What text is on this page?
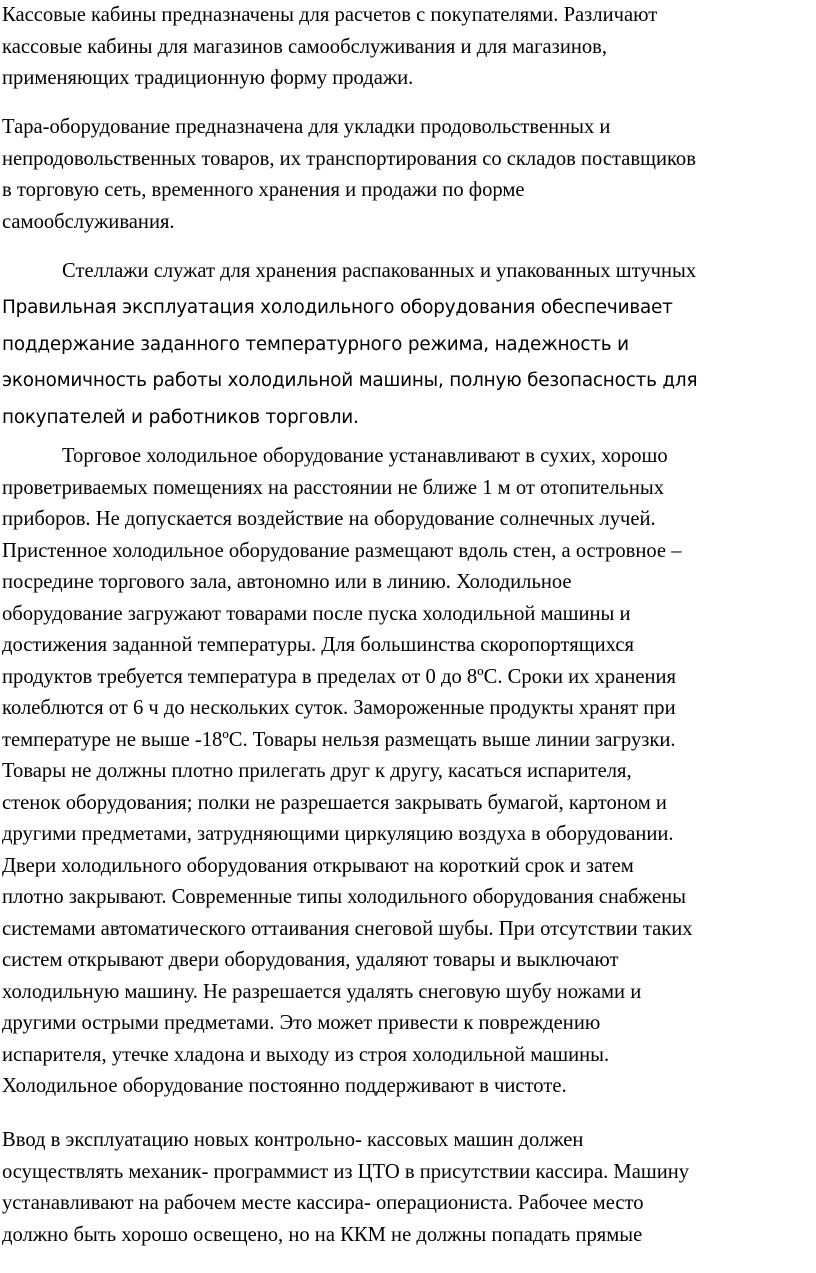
Кассовые кабины предназначены для расчетов с покупателями. Различают
кассовые кабины для магазинов самообслуживания и для магазинов,
применяющих традиционную форму продажи.

Тара-оборудование предназначена для укладки продовольственных и
непродовольственных товаров, их транспортирования со складов поставщиков
в торговую сеть, временного хранения и продажи по форме
самообслуживания.

Стеллажи служат для хранения распакованных и упакованных штучных

Правильная эксплуатация холодильного оборудования обеспечивает
поддержание заданного температурного режима, надежность и
экономичность работы холодильной машины, полную безопасность для
покупателей и работников торговли.

Торговое холодильное оборудование устанавливают в сухих, хорошо
проветриваемых помещениях на расстоянии не ближе 1 м от отопительных
приборов. Не допускается воздействие на оборудование солнечных лучей.
Пристенное холодильное оборудование размещают вдоль стен, а островное –
посредине торгового зала, автономно или в линию. Холодильное
оборудование загружают товарами после пуска холодильной машины и
достижения заданной температуры. Для большинства скоропортящихся
продуктов требуется температура в пределах от 0 до 8ºС. Сроки их хранения
колеблются от 6 ч до нескольких суток. Замороженные продукты хранят при
температуре не выше -18ºС. Товары нельзя размещать выше линии загрузки.
Товары не должны плотно прилегать друг к другу, касаться испарителя,
стенок оборудования; полки не разрешается закрывать бумагой, картоном и
другими предметами, затрудняющими циркуляцию воздуха в оборудовании.
Двери холодильного оборудования открывают на короткий срок и затем
плотно закрывают. Современные типы холодильного оборудования снабжены
системами автоматического оттаивания снеговой шубы. При отсутствии таких
систем открывают двери оборудования, удаляют товары и выключают
холодильную машину. Не разрешается удалять снеговую шубу ножами и
другими острыми предметами. Это может привести к повреждению
испарителя, утечке хладона и выходу из строя холодильной машины.
Холодильное оборудование постоянно поддерживают в чистоте.

Ввод в эксплуатацию новых контрольно- кассовых машин должен
осуществлять механик- программист из ЦТО в присутствии кассира. Машину
устанавливают на рабочем месте кассира- операциониста. Рабочее место
должно быть хорошо освещено, но на ККМ не должны попадать прямые
